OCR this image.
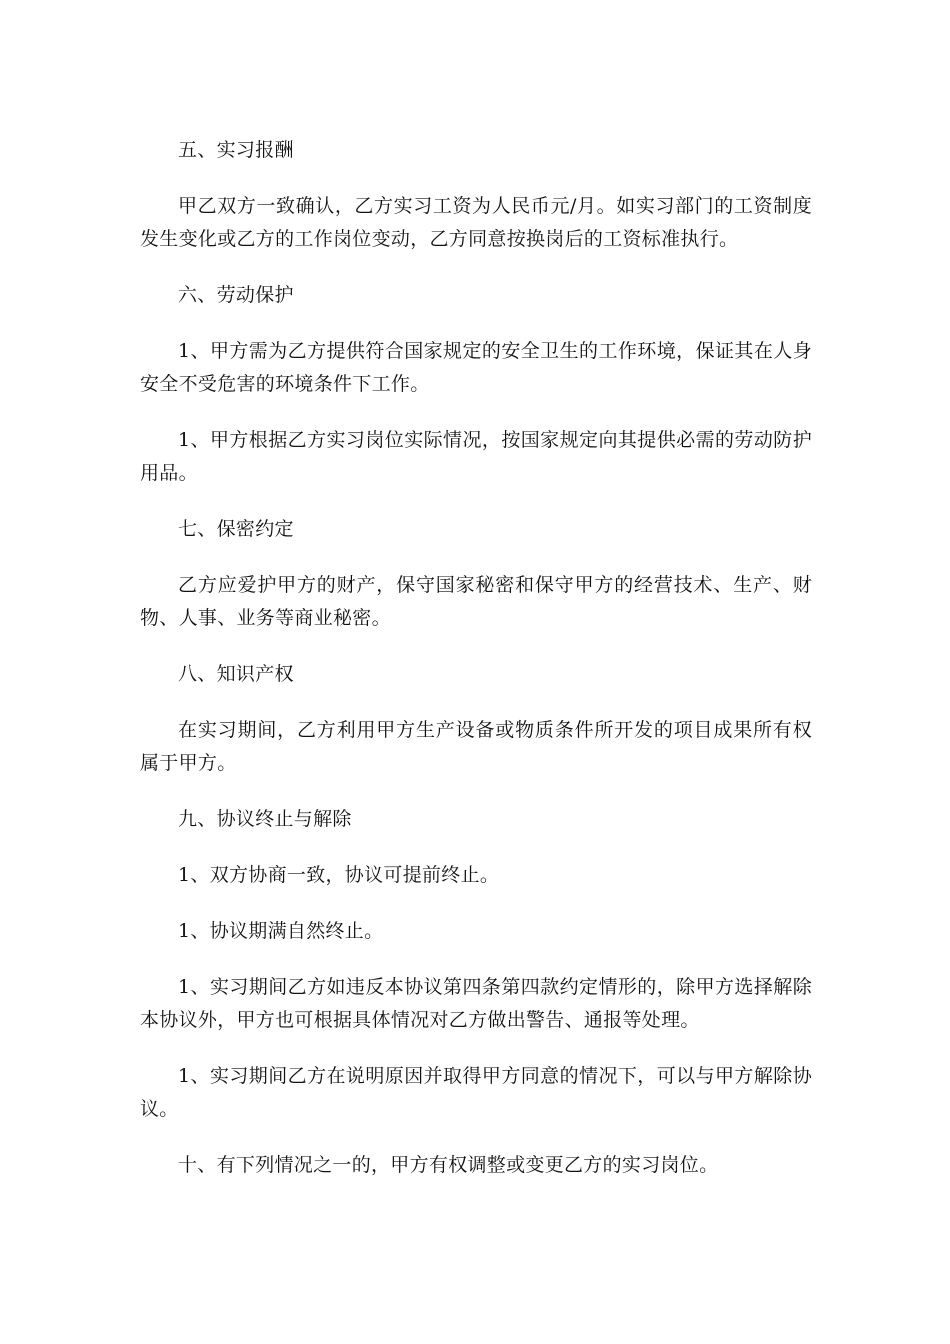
五、实习报酬

甲乙双方一致确认，乙方实习工资为人民币元/月。如实习部门的工资制度发生变化或乙方的工作岗位变动，乙方同意按换岗后的工资标准执行。

六、劳动保护

1、甲方需为乙方提供符合国家规定的安全卫生的工作环境，保证其在人身安全不受危害的环境条件下工作。

1、甲方根据乙方实习岗位实际情况，按国家规定向其提供必需的劳动防护用品。

七、保密约定

乙方应爱护甲方的财产，保守国家秘密和保守甲方的经营技术、生产、财物、人事、业务等商业秘密。

八、知识产权

在实习期间，乙方利用甲方生产设备或物质条件所开发的项目成果所有权属于甲方。

九、协议终止与解除

1、双方协商一致，协议可提前终止。

1、协议期满自然终止。

1、实习期间乙方如违反本协议第四条第四款约定情形的，除甲方选择解除本协议外，甲方也可根据具体情况对乙方做出警告、通报等处理。

1、实习期间乙方在说明原因并取得甲方同意的情况下，可以与甲方解除协议。

十、有下列情况之一的，甲方有权调整或变更乙方的实习岗位。
